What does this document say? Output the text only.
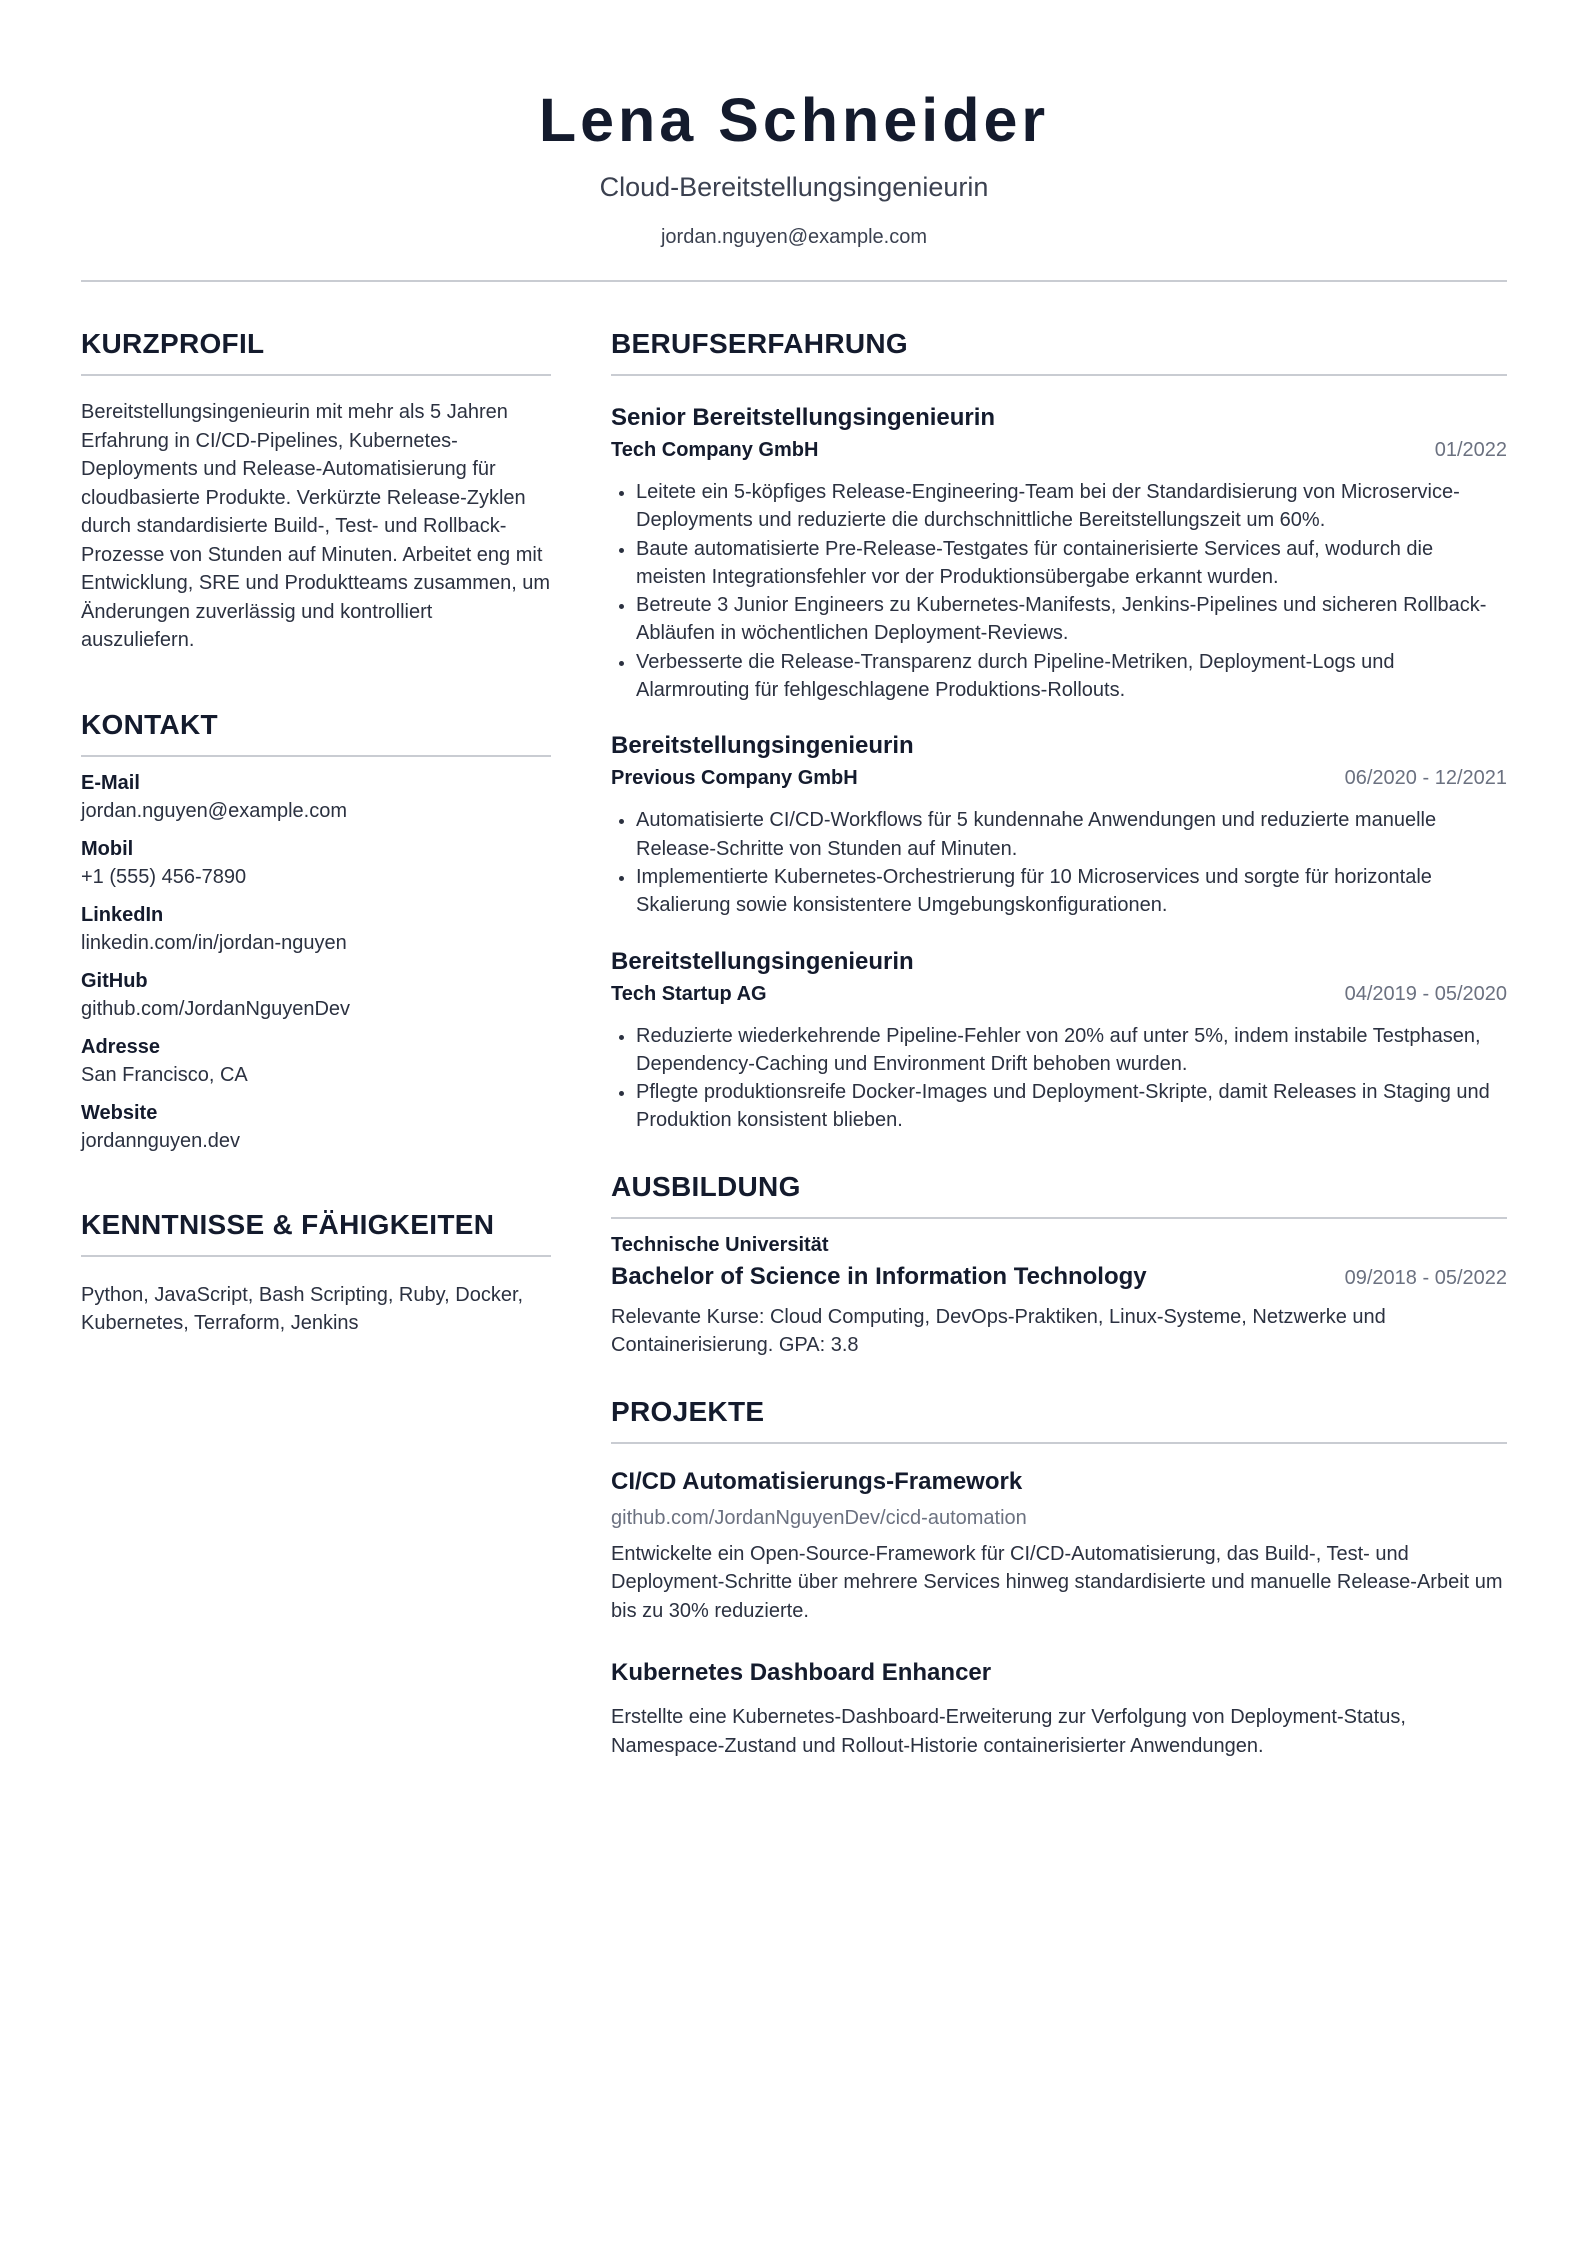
Lena Schneider
Cloud-Bereitstellungsingenieurin
jordan.nguyen@example.com
KURZPROFIL

Bereitstellungsingenieurin mit mehr als 5 Jahren Erfahrung in CI/CD-Pipelines, Kubernetes-Deployments und Release-Automatisierung für cloudbasierte Produkte. Verkürzte Release-Zyklen durch standardisierte Build-, Test- und Rollback-Prozesse von Stunden auf Minuten. Arbeitet eng mit Entwicklung, SRE und Produktteams zusammen, um Änderungen zuverlässig und kontrolliert auszuliefern.

KONTAKT
E-Mail
jordan.nguyen@example.com
Mobil
+1 (555) 456-7890
LinkedIn
linkedin.com/in/jordan-nguyen
GitHub
github.com/JordanNguyenDev
Adresse
San Francisco, CA
Website
jordannguyen.dev
KENNTNISSE & FÄHIGKEITEN

Python, JavaScript, Bash Scripting, Ruby, Docker, Kubernetes, Terraform, Jenkins

BERUFSERFAHRUNG
Senior Bereitstellungsingenieurin
Tech Company GmbH	01/2022
Leitete ein 5-köpfiges Release-Engineering-Team bei der Standardisierung von Microservice-Deployments und reduzierte die durchschnittliche Bereitstellungszeit um 60%.
Baute automatisierte Pre-Release-Testgates für containerisierte Services auf, wodurch die meisten Integrationsfehler vor der Produktionsübergabe erkannt wurden.
Betreute 3 Junior Engineers zu Kubernetes-Manifests, Jenkins-Pipelines und sicheren Rollback-Abläufen in wöchentlichen Deployment-Reviews.
Verbesserte die Release-Transparenz durch Pipeline-Metriken, Deployment-Logs und Alarmrouting für fehlgeschlagene Produktions-Rollouts.
Bereitstellungsingenieurin
Previous Company GmbH	06/2020 - 12/2021
Automatisierte CI/CD-Workflows für 5 kundennahe Anwendungen und reduzierte manuelle Release-Schritte von Stunden auf Minuten.
Implementierte Kubernetes-Orchestrierung für 10 Microservices und sorgte für horizontale Skalierung sowie konsistentere Umgebungskonfigurationen.
Bereitstellungsingenieurin
Tech Startup AG	04/2019 - 05/2020
Reduzierte wiederkehrende Pipeline-Fehler von 20% auf unter 5%, indem instabile Testphasen, Dependency-Caching und Environment Drift behoben wurden.
Pflegte produktionsreife Docker-Images und Deployment-Skripte, damit Releases in Staging und Produktion konsistent blieben.
AUSBILDUNG
Technische Universität
Bachelor of Science in Information Technology	09/2018 - 05/2022
Relevante Kurse: Cloud Computing, DevOps-Praktiken, Linux-Systeme, Netzwerke und Containerisierung. GPA: 3.8
PROJEKTE
CI/CD Automatisierungs-Framework
github.com/JordanNguyenDev/cicd-automation
Entwickelte ein Open-Source-Framework für CI/CD-Automatisierung, das Build-, Test- und Deployment-Schritte über mehrere Services hinweg standardisierte und manuelle Release-Arbeit um bis zu 30% reduzierte.
Kubernetes Dashboard Enhancer
Erstellte eine Kubernetes-Dashboard-Erweiterung zur Verfolgung von Deployment-Status, Namespace-Zustand und Rollout-Historie containerisierter Anwendungen.
